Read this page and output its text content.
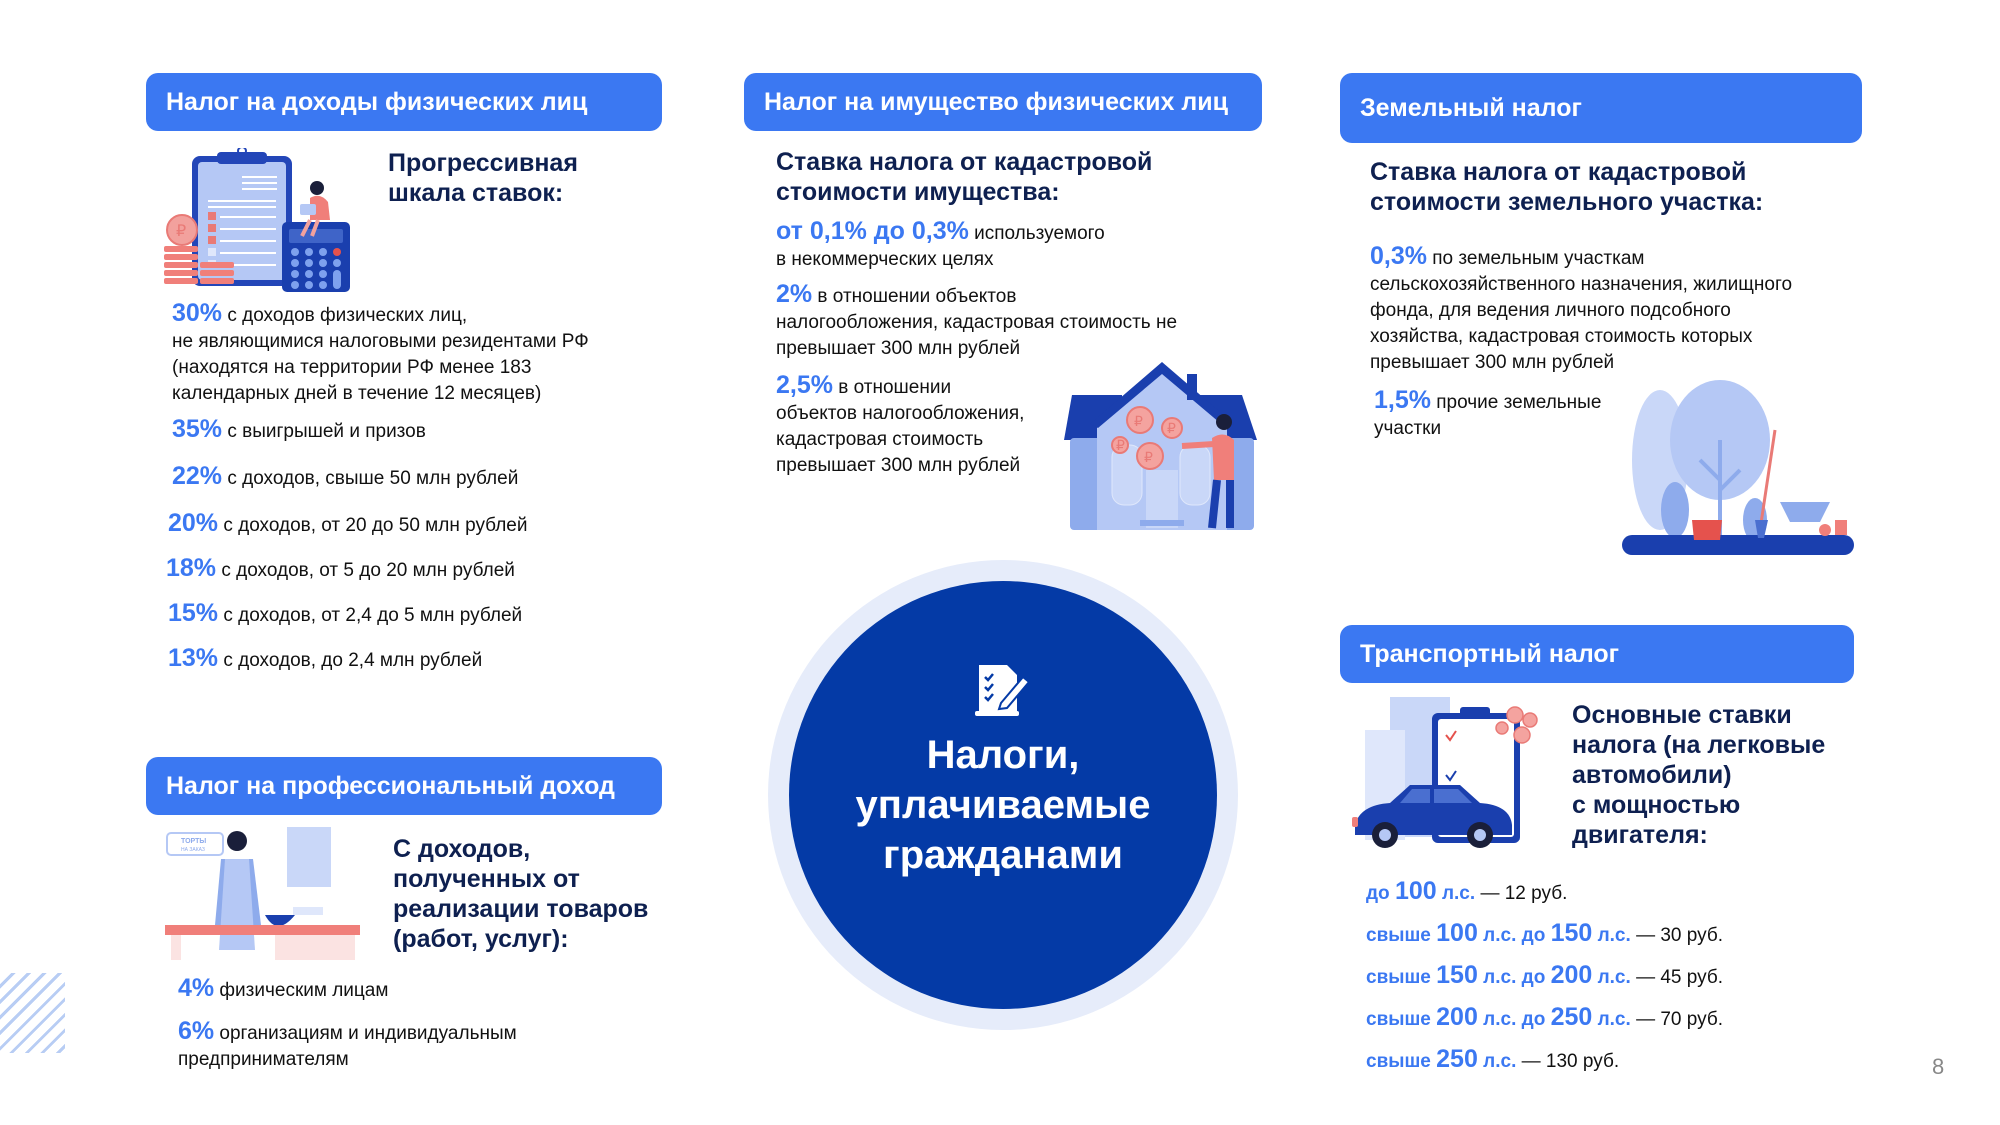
Налог на доходы физических лиц
₽
Прогрессивная
шкала ставок:
30% с доходов физических лиц,
не являющимися налоговыми резидентами РФ
(находятся на территории РФ менее 183
календарных дней в течение 12 месяцев)
35% с выигрышей и призов
22% с доходов, свыше 50 млн рублей
20% с доходов, от 20 до 50 млн рублей
18% с доходов, от 5 до 20 млн рублей
15% с доходов, от 2,4 до 5 млн рублей
13% с доходов, до 2,4 млн рублей
Налог на имущество физических лиц
Ставка налога от кадастровой
стоимости имущества:
от 0,1% до 0,3% используемого
в некоммерческих целях
2% в отношении объектов
налогообложения, кадастровая стоимость не
превышает 300 млн рублей
2,5% в отношении
объектов налогообложения,
кадастровая стоимость
превышает 300 млн рублей
₽ ₽
₽
₽
Земельный налог
Ставка налога от кадастровой
стоимости земельного участка:
0,3% по земельным участкам
сельскохозяйственного назначения, жилищного
фонда, для ведения личного подсобного
хозяйства, кадастровая стоимость которых
превышает 300 млн рублей
1,5% прочие земельные
участки
Налоги,
уплачиваемые
гражданами
Налог на профессиональный доход
ТОРТЫ
НА ЗАКАЗ	С доходов,
полученных от
реализации товаров
(работ, услуг):
4% физическим лицам
6% организациям и индивидуальным
предпринимателям
Транспортный налог
Основные ставки
налога (на легковые
автомобили)
с мощностью
двигателя:
до 100 л.с. — 12 руб.
свыше 100 л.с. до 150 л.с. — 30 руб.
свыше 150 л.с. до 200 л.с. — 45 руб.
свыше 200 л.с. до 250 л.с. — 70 руб.
свыше 250 л.с. — 130 руб.	8
